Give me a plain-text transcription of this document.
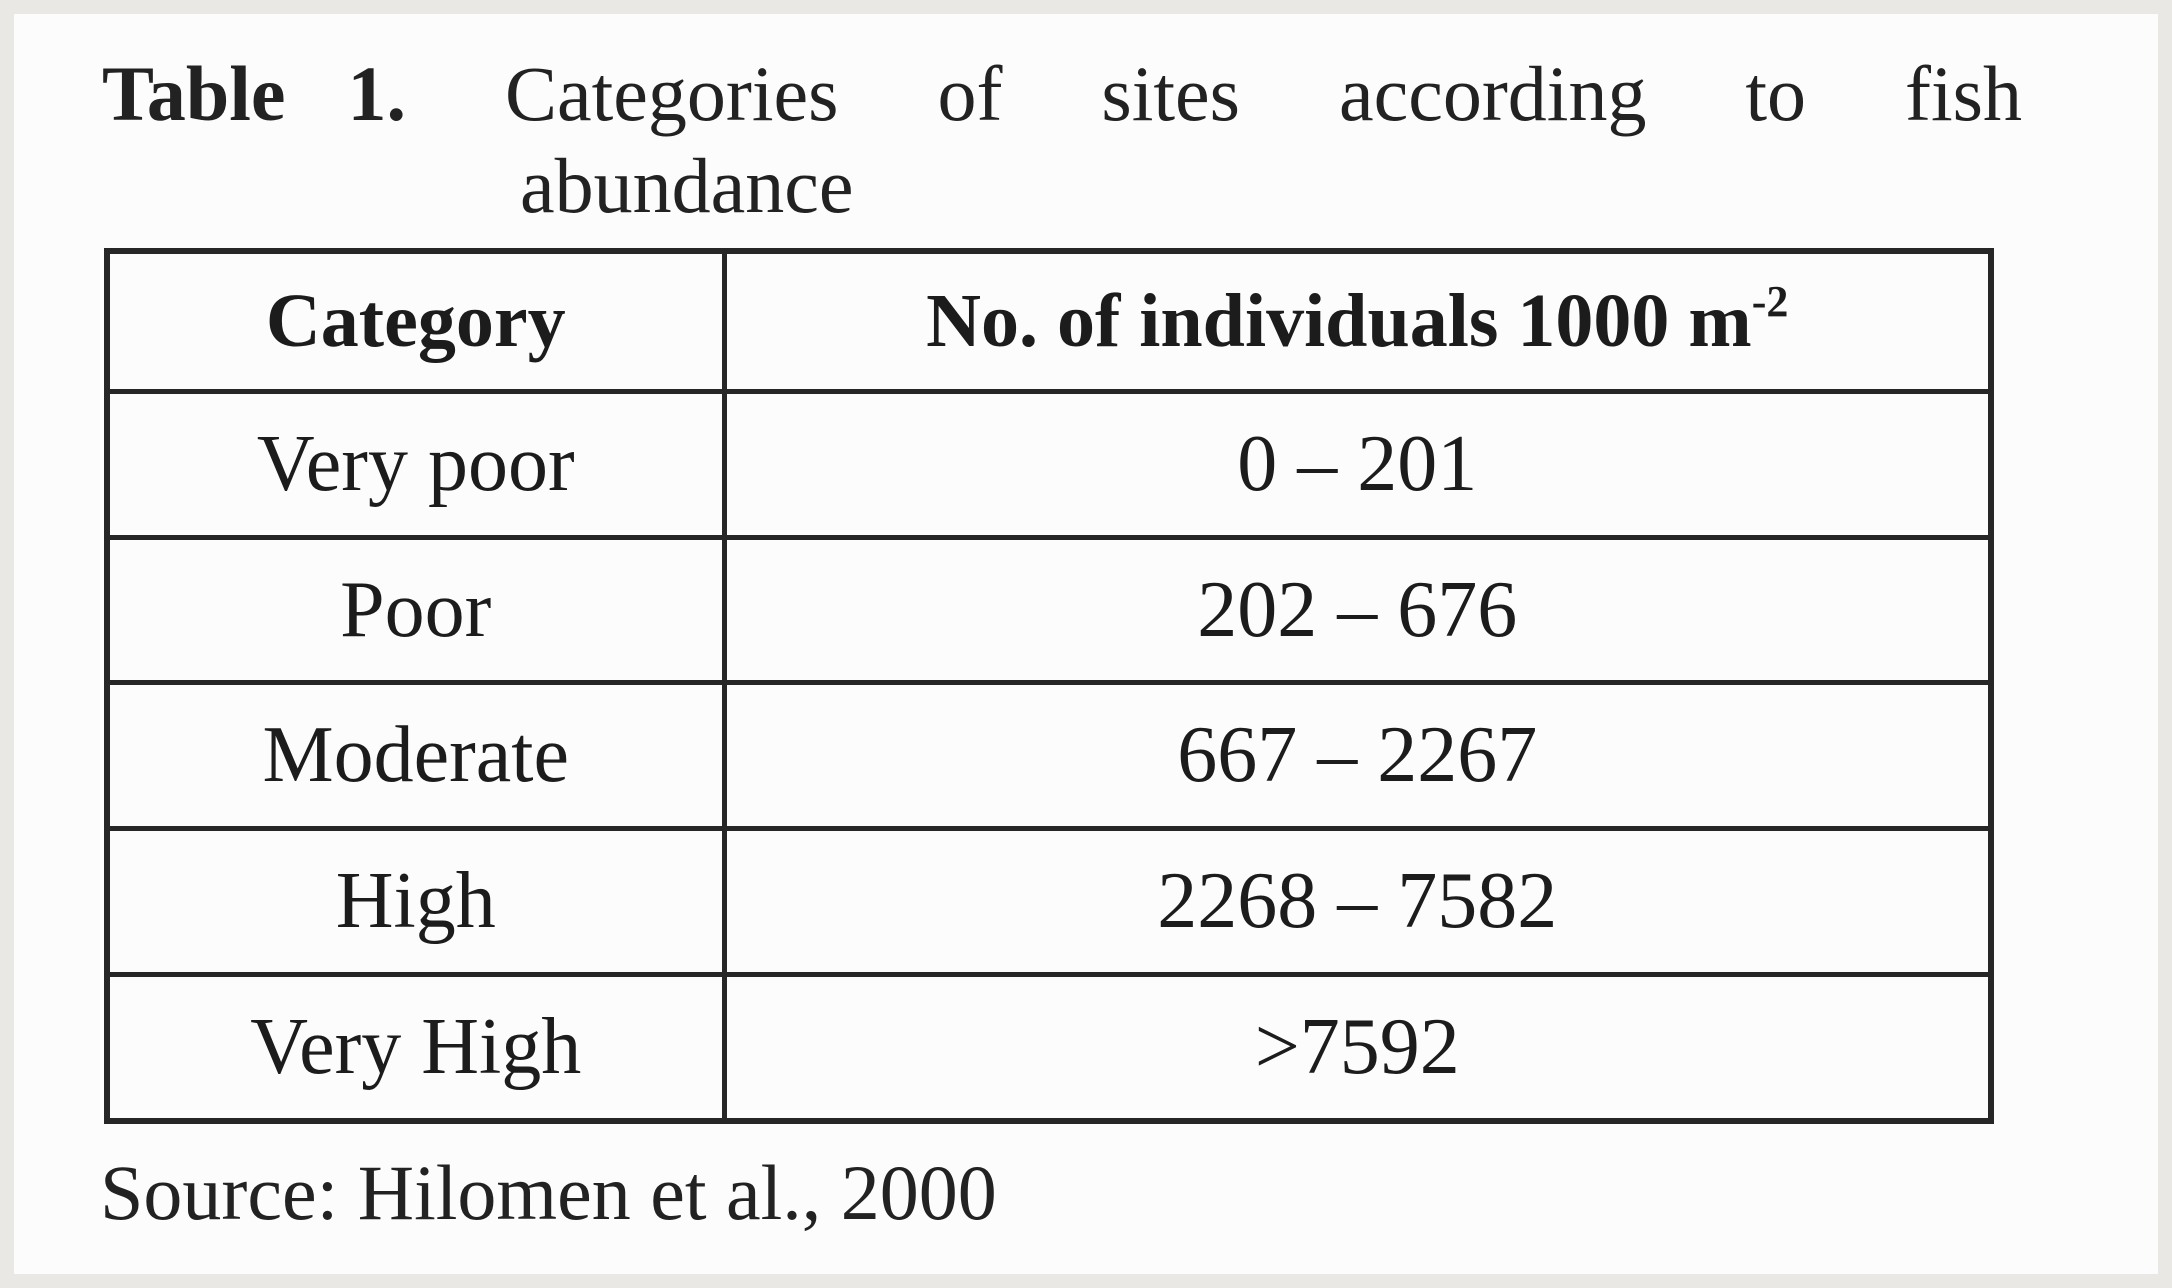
Table 1. Categories of sites according to fish
abundance
Category	No. of individuals 1000 $m^{-2}$
Very poor	0 – 201
Poor	202 – 676
Moderate	667 – 2267
High	2268 – 7582
Very High	>7592
Source: Hilomen et al., 2000
